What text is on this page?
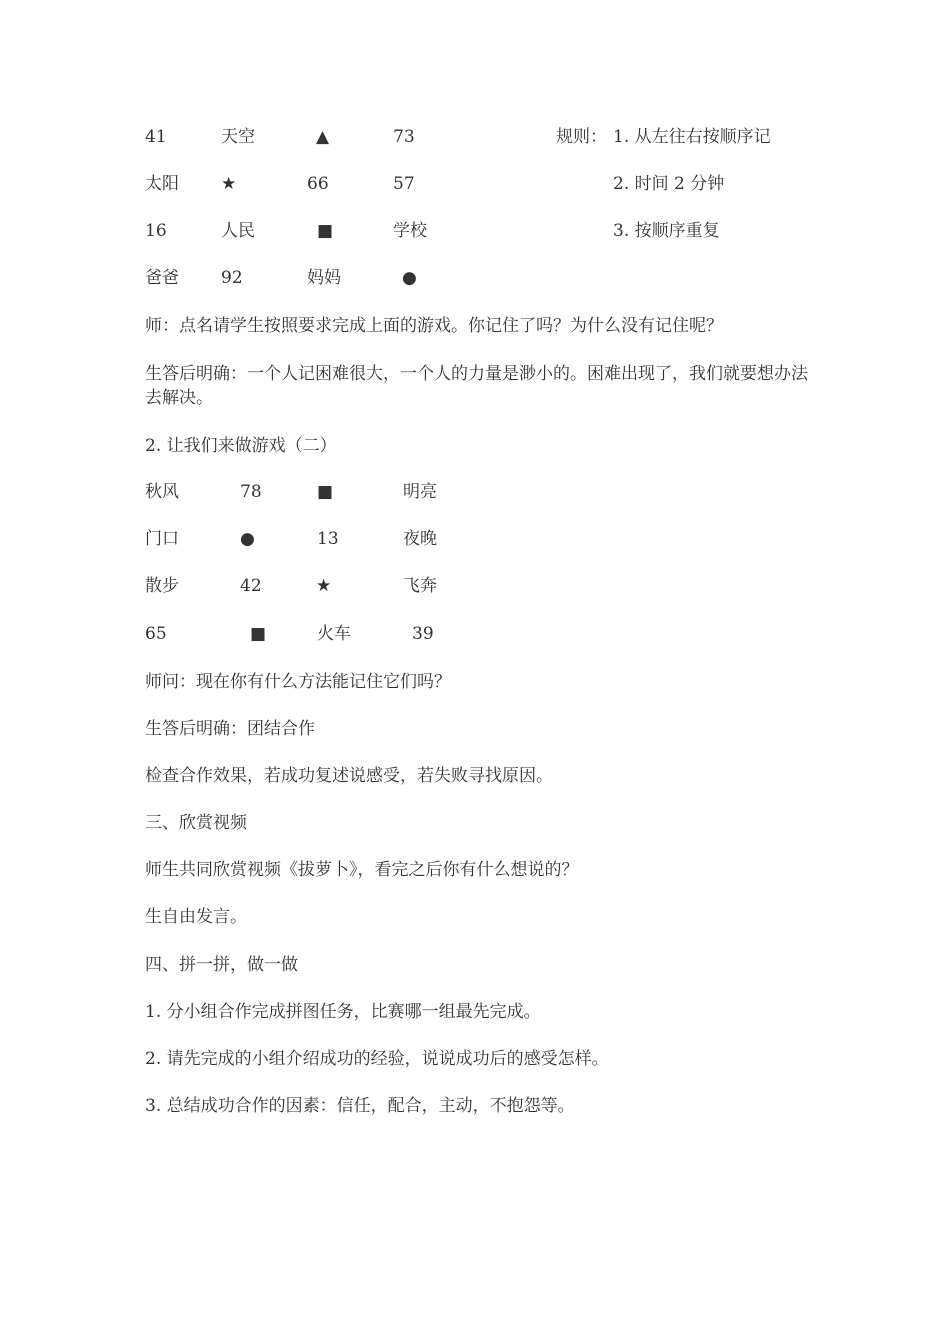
41	天空	▲	73
太阳 ★	66	57
16	人民	■	学校
爸爸 92	妈妈	●
规则： 1. 从左往右按顺序记
2. 时间 2 分钟
3. 按顺序重复
师：点名请学生按照要求完成上面的游戏。你记住了吗？为什么没有记住呢？
生答后明确：一个人记困难很大，一个人的力量是渺小的。困难出现了，我们就要想办法去解决。
2. 让我们来做游戏（二）
秋风	78	■	明亮
门口	●	13	夜晚
散步	42	★	飞奔
65	■	火车	39
师问：现在你有什么方法能记住它们吗？
生答后明确：团结合作
检查合作效果，若成功复述说感受，若失败寻找原因。
三、欣赏视频
师生共同欣赏视频《拔萝卜》，看完之后你有什么想说的？
生自由发言。
四、拼一拼，做一做
1. 分小组合作完成拼图任务，比赛哪一组最先完成。
2. 请先完成的小组介绍成功的经验，说说成功后的感受怎样。
3. 总结成功合作的因素：信任，配合，主动，不抱怨等。
